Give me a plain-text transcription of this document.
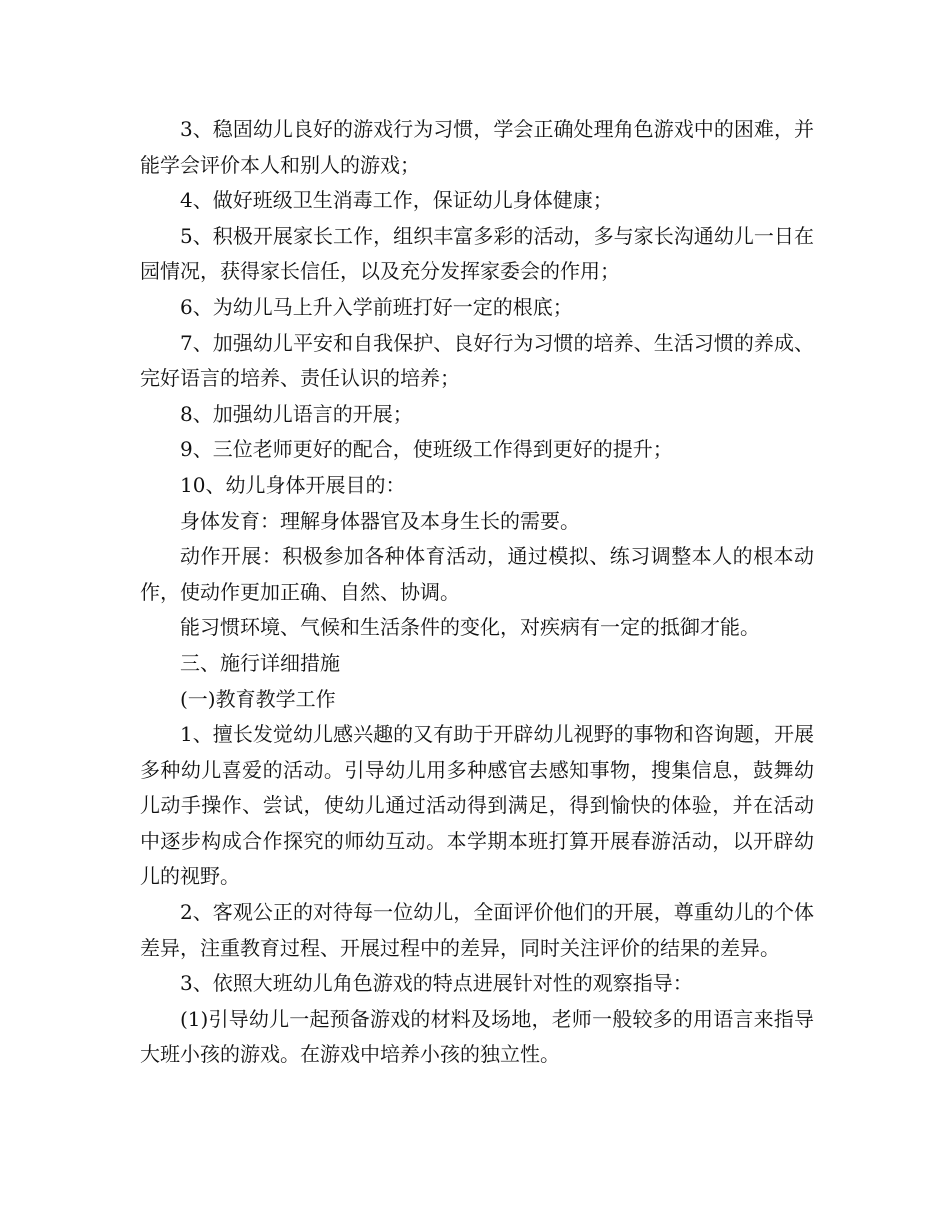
3、稳固幼儿良好的游戏行为习惯，学会正确处理角色游戏中的困难，并能学会评价本人和别人的游戏；

4、做好班级卫生消毒工作，保证幼儿身体健康；

5、积极开展家长工作，组织丰富多彩的活动，多与家长沟通幼儿一日在园情况，获得家长信任，以及充分发挥家委会的作用；

6、为幼儿马上升入学前班打好一定的根底；

7、加强幼儿平安和自我保护、良好行为习惯的培养、生活习惯的养成、完好语言的培养、责任认识的培养；

8、加强幼儿语言的开展；

9、三位老师更好的配合，使班级工作得到更好的提升；

10、幼儿身体开展目的：

身体发育：理解身体器官及本身生长的需要。

动作开展：积极参加各种体育活动，通过模拟、练习调整本人的根本动作，使动作更加正确、自然、协调。

能习惯环境、气候和生活条件的变化，对疾病有一定的抵御才能。

三、施行详细措施

(一)教育教学工作

1、擅长发觉幼儿感兴趣的又有助于开辟幼儿视野的事物和咨询题，开展多种幼儿喜爱的活动。引导幼儿用多种感官去感知事物，搜集信息，鼓舞幼儿动手操作、尝试，使幼儿通过活动得到满足，得到愉快的体验，并在活动中逐步构成合作探究的师幼互动。本学期本班打算开展春游活动，以开辟幼儿的视野。

2、客观公正的对待每一位幼儿，全面评价他们的开展，尊重幼儿的个体差异，注重教育过程、开展过程中的差异，同时关注评价的结果的差异。

3、依照大班幼儿角色游戏的特点进展针对性的观察指导：

(1)引导幼儿一起预备游戏的材料及场地，老师一般较多的用语言来指导大班小孩的游戏。在游戏中培养小孩的独立性。
